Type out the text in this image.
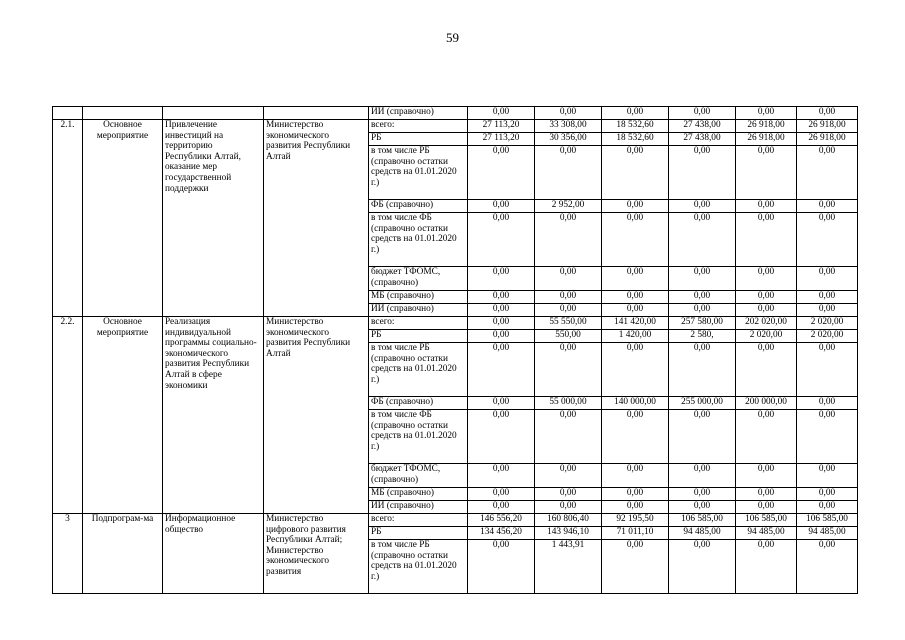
59
				ИИ (справочно)	0,00	0,00	0,00	0,00	0,00	0,00
2.1.	Основное мероприятие	Привлечение инвестиций на территорию Республики Алтай, оказание мер государственной поддержки	Министерство экономического развития Республики Алтай	всего:	27 113,20	33 308,00	18 532,60	27 438,00	26 918,00	26 918,00
				РБ	27 113,20	30 356,00	18 532,60	27 438,00	26 918,00	26 918,00
				в том числе РБ (справочно остатки средств на 01.01.2020 г.)	0,00	0,00	0,00	0,00	0,00	0,00
				ФБ (справочно)	0,00	2 952,00	0,00	0,00	0,00	0,00
				в том числе ФБ (справочно остатки средств на 01.01.2020 г.)	0,00	0,00	0,00	0,00	0,00	0,00
				бюджет ТФОМС, (справочно)	0,00	0,00	0,00	0,00	0,00	0,00
				МБ (справочно)	0,00	0,00	0,00	0,00	0,00	0,00
				ИИ (справочно)	0,00	0,00	0,00	0,00	0,00	0,00
2.2.	Основное мероприятие	Реализация индивидуальной программы социально-экономического развития Республики Алтай в сфере экономики	Министерство экономического развития Республики Алтай	всего:	0,00	55 550,00	141 420,00	257 580,00	202 020,00	2 020,00
				РБ	0,00	550,00	1 420,00	2 580,	2 020,00	2 020,00
				в том числе РБ (справочно остатки средств на 01.01.2020 г.)	0,00	0,00	0,00	0,00	0,00	0,00
				ФБ (справочно)	0,00	55 000,00	140 000,00	255 000,00	200 000,00	0,00
				в том числе ФБ (справочно остатки средств на 01.01.2020 г.)	0,00	0,00	0,00	0,00	0,00	0,00
				бюджет ТФОМС, (справочно)	0,00	0,00	0,00	0,00	0,00	0,00
				МБ (справочно)	0,00	0,00	0,00	0,00	0,00	0,00
				ИИ (справочно)	0,00	0,00	0,00	0,00	0,00	0,00
3	Подпрограм-ма	Информационное общество	Министерство цифрового развития Республики Алтай; Министерство экономического развития	всего:	146 556,20	160 806,40	92 195,50	106 585,00	106 585,00	106 585,00
				РБ	134 456,20	143 946,10	71 011,10	94 485,00	94 485,00	94 485,00
				в том числе РБ (справочно остатки средств на 01.01.2020 г.)	0,00	1 443,91	0,00	0,00	0,00	0,00
